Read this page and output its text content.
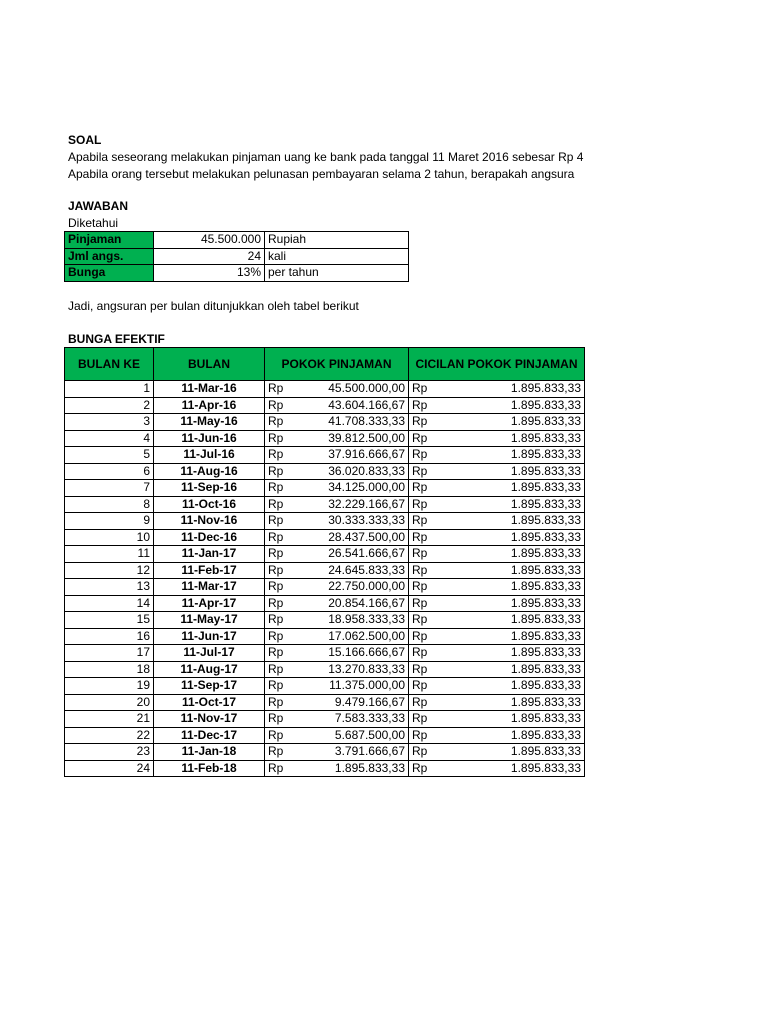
SOAL
Apabila seseorang melakukan pinjaman uang ke bank pada tanggal 11 Maret 2016 sebesar Rp 4
Apabila orang tersebut melakukan pelunasan pembayaran selama 2 tahun, berapakah angsura
JAWABAN
Diketahui
Pinjaman	45.500.000	Rupiah
Jml angs.	24	kali
Bunga	13%	per tahun
Jadi, angsuran per bulan ditunjukkan oleh tabel berikut
BUNGA EFEKTIF
BULAN KE	BULAN	POKOK PINJAMAN	CICILAN POKOK PINJAMAN
1	11-Mar-16	Rp 45.500.000,00	Rp 1.895.833,33

2	11-Apr-16	Rp 43.604.166,67	Rp 1.895.833,33

3	11-May-16	Rp 41.708.333,33	Rp 1.895.833,33

4	11-Jun-16	Rp 39.812.500,00	Rp 1.895.833,33

5	11-Jul-16	Rp 37.916.666,67	Rp 1.895.833,33

6	11-Aug-16	Rp 36.020.833,33	Rp 1.895.833,33

7	11-Sep-16	Rp 34.125.000,00	Rp 1.895.833,33

8	11-Oct-16	Rp 32.229.166,67	Rp 1.895.833,33

9	11-Nov-16	Rp 30.333.333,33	Rp 1.895.833,33

10	11-Dec-16	Rp 28.437.500,00	Rp 1.895.833,33

11	11-Jan-17	Rp 26.541.666,67	Rp 1.895.833,33

12	11-Feb-17	Rp 24.645.833,33	Rp 1.895.833,33

13	11-Mar-17	Rp 22.750.000,00	Rp 1.895.833,33

14	11-Apr-17	Rp 20.854.166,67	Rp 1.895.833,33

15	11-May-17	Rp 18.958.333,33	Rp 1.895.833,33

16	11-Jun-17	Rp 17.062.500,00	Rp 1.895.833,33

17	11-Jul-17	Rp 15.166.666,67	Rp 1.895.833,33

18	11-Aug-17	Rp 13.270.833,33	Rp 1.895.833,33

19	11-Sep-17	Rp 11.375.000,00	Rp 1.895.833,33

20	11-Oct-17	Rp 9.479.166,67	Rp 1.895.833,33

21	11-Nov-17	Rp 7.583.333,33	Rp 1.895.833,33

22	11-Dec-17	Rp 5.687.500,00	Rp 1.895.833,33

23	11-Jan-18	Rp 3.791.666,67	Rp 1.895.833,33

24	11-Feb-18	Rp 1.895.833,33	Rp 1.895.833,33
